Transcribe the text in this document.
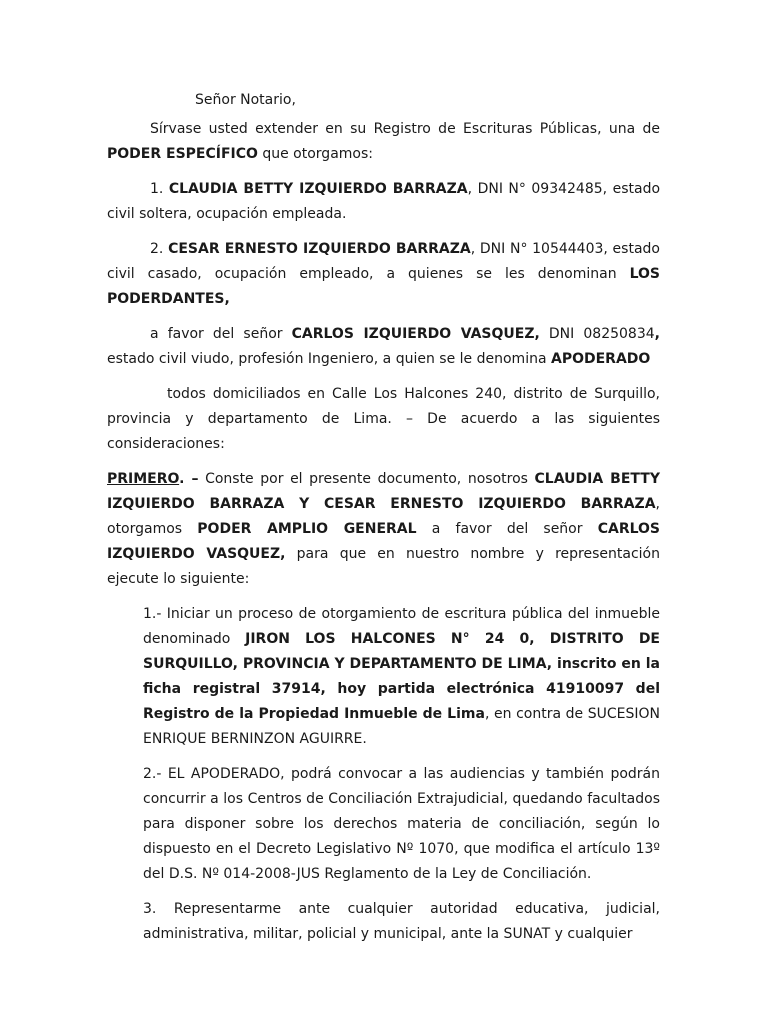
Señor Notario,

Sírvase usted extender en su Registro de Escrituras Públicas, una de PODER ESPECÍFICO que otorgamos:

1. CLAUDIA BETTY IZQUIERDO BARRAZA, DNI N° 09342485, estado civil soltera, ocupación empleada.

2. CESAR ERNESTO IZQUIERDO BARRAZA, DNI N° 10544403, estado civil casado, ocupación empleado, a quienes se les denominan LOS PODERDANTES,

a favor del señor CARLOS IZQUIERDO VASQUEZ, DNI 08250834, estado civil viudo, profesión Ingeniero, a quien se le denomina APODERADO

todos domiciliados en Calle Los Halcones 240, distrito de Surquillo, provincia y departamento de Lima. – De acuerdo a las siguientes consideraciones:

PRIMERO. – Conste por el presente documento, nosotros CLAUDIA BETTY IZQUIERDO BARRAZA Y CESAR ERNESTO IZQUIERDO BARRAZA, otorgamos PODER AMPLIO GENERAL a favor del señor CARLOS IZQUIERDO VASQUEZ, para que en nuestro nombre y representación ejecute lo siguiente:

1.- Iniciar un proceso de otorgamiento de escritura pública del inmueble denominado JIRON LOS HALCONES N° 24 0, DISTRITO DE SURQUILLO, PROVINCIA Y DEPARTAMENTO DE LIMA, inscrito en la ficha registral 37914, hoy partida electrónica 41910097 del Registro de la Propiedad Inmueble de Lima, en contra de SUCESION ENRIQUE BERNINZON AGUIRRE.

2.- EL APODERADO, podrá convocar a las audiencias y también podrán concurrir a los Centros de Conciliación Extrajudicial, quedando facultados para disponer sobre los derechos materia de conciliación, según lo dispuesto en el Decreto Legislativo Nº 1070, que modifica el artículo 13º del D.S. Nº 014-2008-JUS Reglamento de la Ley de Conciliación.

3. Representarme ante cualquier autoridad educativa, judicial, administrativa, militar, policial y municipal, ante la SUNAT y cualquier
